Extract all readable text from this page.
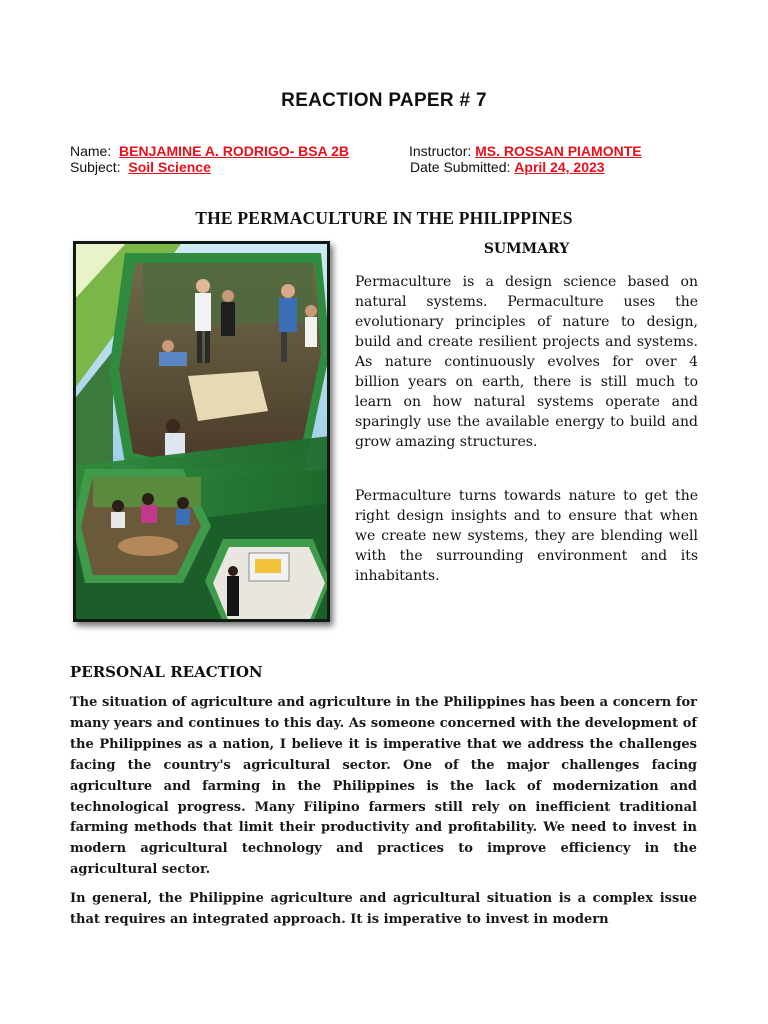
REACTION PAPER # 7
Name: BENJAMINE A. RODRIGO- BSA 2B	Instructor: MS. ROSSAN PIAMONTE
Subject: Soil Science	Date Submitted: April 24, 2023
THE PERMACULTURE IN THE PHILIPPINES
SUMMARY

Permaculture is a design science based on natural systems. Permaculture uses the evolutionary principles of nature to design, build and create resilient projects and systems. As nature continuously evolves for over 4 billion years on earth, there is still much to learn on how natural systems operate and sparingly use the available energy to build and grow amazing structures.

Permaculture turns towards nature to get the right design insights and to ensure that when we create new systems, they are blending well with the surrounding environment and its inhabitants.

PERSONAL REACTION

The situation of agriculture and agriculture in the Philippines has been a concern for many years and continues to this day. As someone concerned with the development of the Philippines as a nation, I believe it is imperative that we address the challenges facing the country's agricultural sector. One of the major challenges facing agriculture and farming in the Philippines is the lack of modernization and technological progress. Many Filipino farmers still rely on inefficient traditional farming methods that limit their productivity and profitability. We need to invest in modern agricultural technology and practices to improve efficiency in the agricultural sector.

In general, the Philippine agriculture and agricultural situation is a complex issue that requires an integrated approach. It is imperative to invest in modern
